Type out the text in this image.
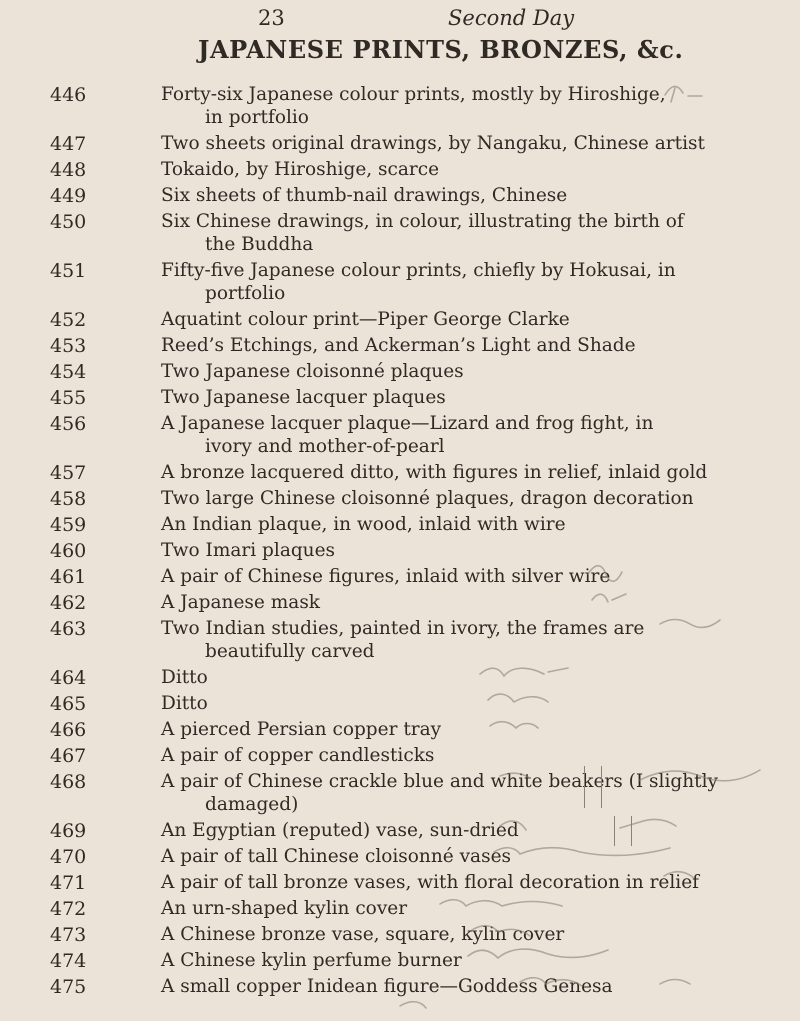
23	Second Day
JAPANESE PRINTS, BRONZES, &c.
446	Forty-six Japanese colour prints, mostly by Hiroshige,
in portfolio
447	Two sheets original drawings, by Nangaku, Chinese artist
448	Tokaido, by Hiroshige, scarce
449	Six sheets of thumb-nail drawings, Chinese
450	Six Chinese drawings, in colour, illustrating the birth of
the Buddha
451	Fifty-five Japanese colour prints, chiefly by Hokusai, in
portfolio
452	Aquatint colour print—Piper George Clarke
453	Reed’s Etchings, and Ackerman’s Light and Shade
454	Two Japanese cloisonné plaques
455	Two Japanese lacquer plaques
456	A Japanese lacquer plaque—Lizard and frog fight, in
ivory and mother-of-pearl
457	A bronze lacquered ditto, with figures in relief, inlaid gold
458	Two large Chinese cloisonné plaques, dragon decoration
459	An Indian plaque, in wood, inlaid with wire
460	Two Imari plaques
461	A pair of Chinese figures, inlaid with silver wire
462	A Japanese mask
463	Two Indian studies, painted in ivory, the frames are
beautifully carved
464	Ditto
465	Ditto
466	A pierced Persian copper tray
467	A pair of copper candlesticks
468	A pair of Chinese crackle blue and white beakers (I slightly
damaged)
469	An Egyptian (reputed) vase, sun-dried
470	A pair of tall Chinese cloisonné vases
471	A pair of tall bronze vases, with floral decoration in relief
472	An urn-shaped kylin cover
473	A Chinese bronze vase, square, kylin cover
474	A Chinese kylin perfume burner
475	A small copper Inidean figure—Goddess Genesa
